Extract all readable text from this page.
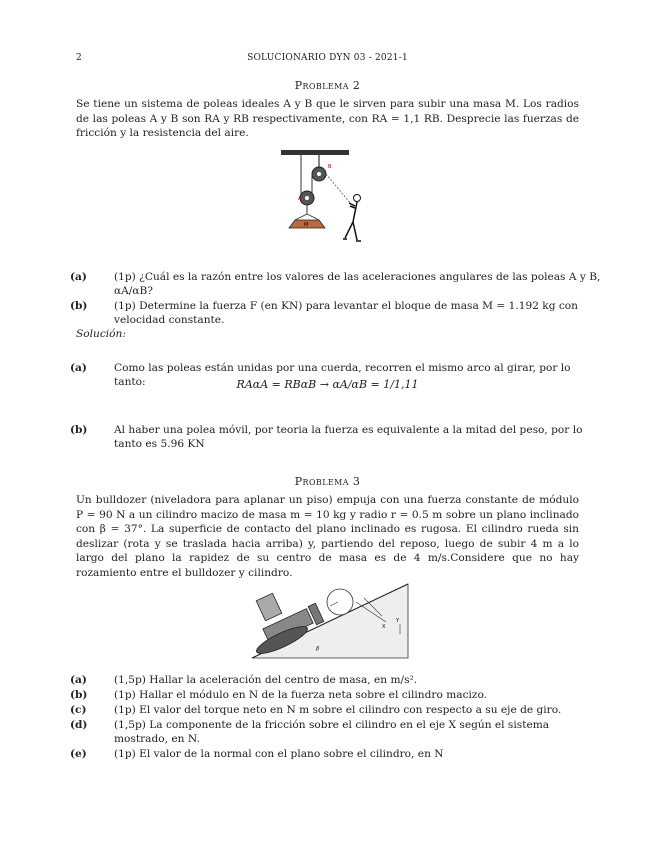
2	SOLUCIONARIO DYN 03 - 2021-1
Problema 2
Se tiene un sistema de poleas ideales A y B que le sirven para subir una masa M. Los radios de las poleas A y B son RA y RB respectivamente, con RA = 1,1 RB. Desprecie las fuerzas de fricción y la resistencia del aire.
A
B
M
(a)	(1p) ¿Cuál es la razón entre los valores de las aceleraciones angulares de las poleas A y B, αA/αB?
(b)	(1p) Determine la fuerza F (en KN) para levantar el bloque de masa M = 1.192 kg con velocidad constante.
Solución:
(a)	Como las poleas están unidas por una cuerda, recorren el mismo arco al girar, por lo tanto:	RAαA = RBαB → αA/αB = 1/1,11
(b)	Al haber una polea móvil, por teoria la fuerza es equivalente a la mitad del peso, por lo tanto es 5.96 KN
Problema 3
Un bulldozer (niveladora para aplanar un piso) empuja con una fuerza constante de módulo P = 90 N a un cilindro macizo de masa m = 10 kg y radio r = 0.5 m sobre un plano inclinado con β = 37°. La superficie de contacto del plano inclinado es rugosa. El cilindro rueda sin deslizar (rota y se traslada hacia arriba) y, partiendo del reposo, luego de subir 4 m a lo largo del plano la rapidez de su centro de masa es de 4 m/s.Considere que no hay rozamiento entre el bulldozer y cilindro.
X
Y
β
(a)	(1,5p) Hallar la aceleración del centro de masa, en m/s².
(b)	(1p) Hallar el módulo en N de la fuerza neta sobre el cilindro macizo.
(c)	(1p) El valor del torque neto en N m sobre el cilindro con respecto a su eje de giro.
(d)	(1,5p) La componente de la fricción sobre el cilindro en el eje X según el sistema mostrado, en N.
(e)	(1p) El valor de la normal con el plano sobre el cilindro, en N
